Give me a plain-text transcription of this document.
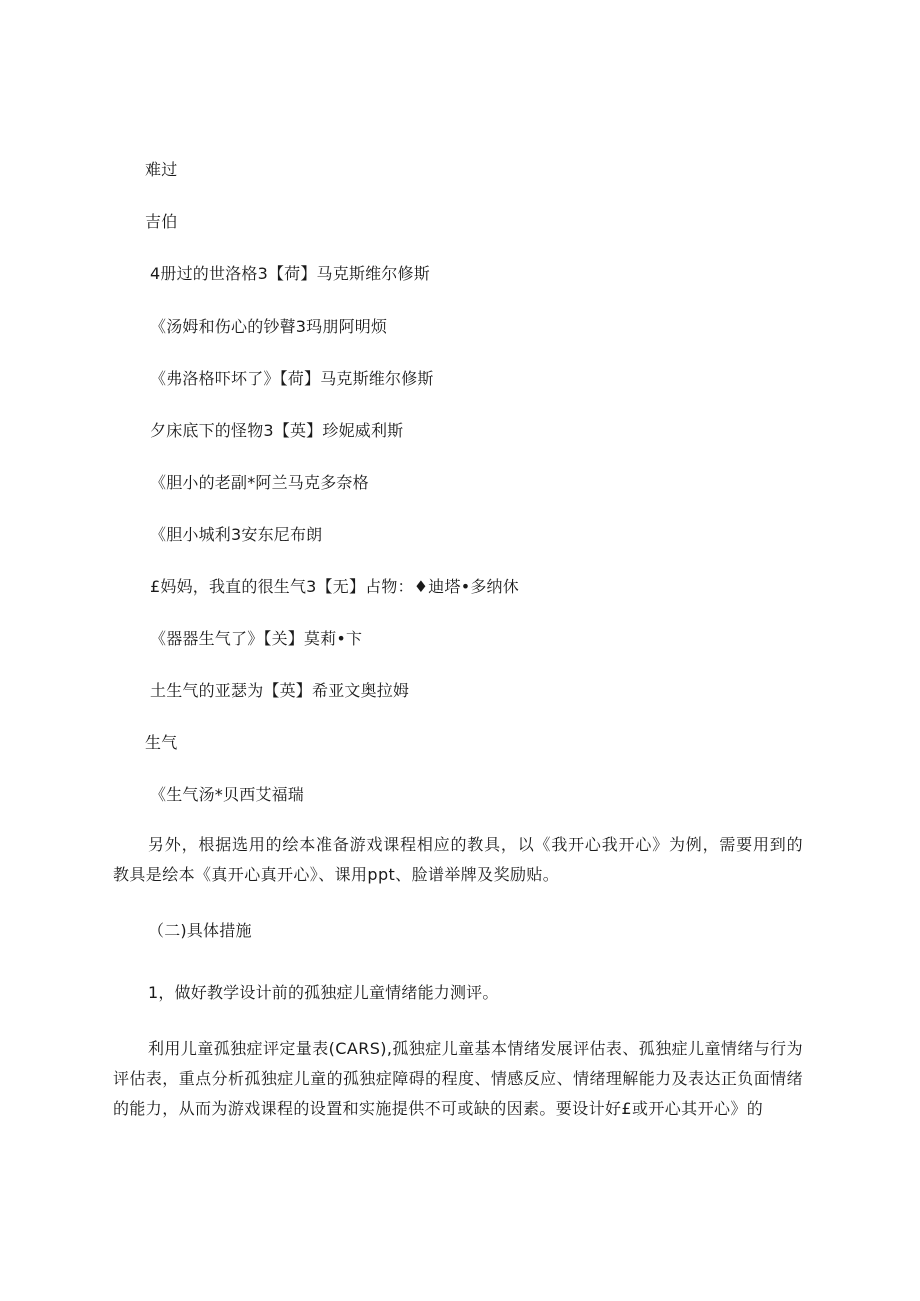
难过
吉伯
4册过的世洛格3【荷】马克斯维尔修斯
《汤姆和伤心的钞瞽3玛朋阿明烦
《弗洛格吓坏了》【荷】马克斯维尔修斯
夕床底下的怪物3【英】珍妮威利斯
《胆小的老副*阿兰马克多奈格
《胆小城利3安东尼布朗
£妈妈，我直的很生气3【无】占物：♦迪塔•多纳休
《器器生气了》【关】莫莉•卞
土生气的亚瑟为【英】希亚文奥拉姆
生气
《生气汤*贝西艾福瑞
另外，根据选用的绘本准备游戏课程相应的教具，以《我开心我开心》为例，需要用到的教具是绘本《真开心真开心》、课用ppt、脸谱举牌及奖励贴。
（二)具体措施
1，做好教学设计前的孤独症儿童情绪能力测评。
利用儿童孤独症评定量表(CARS),孤独症儿童基本情绪发展评估表、孤独症儿童情绪与行为评估表，重点分析孤独症儿童的孤独症障碍的程度、情感反应、情绪理解能力及表达正负面情绪的能力，从而为游戏课程的设置和实施提供不可或缺的因素。要设计好£或开心其开心》的
